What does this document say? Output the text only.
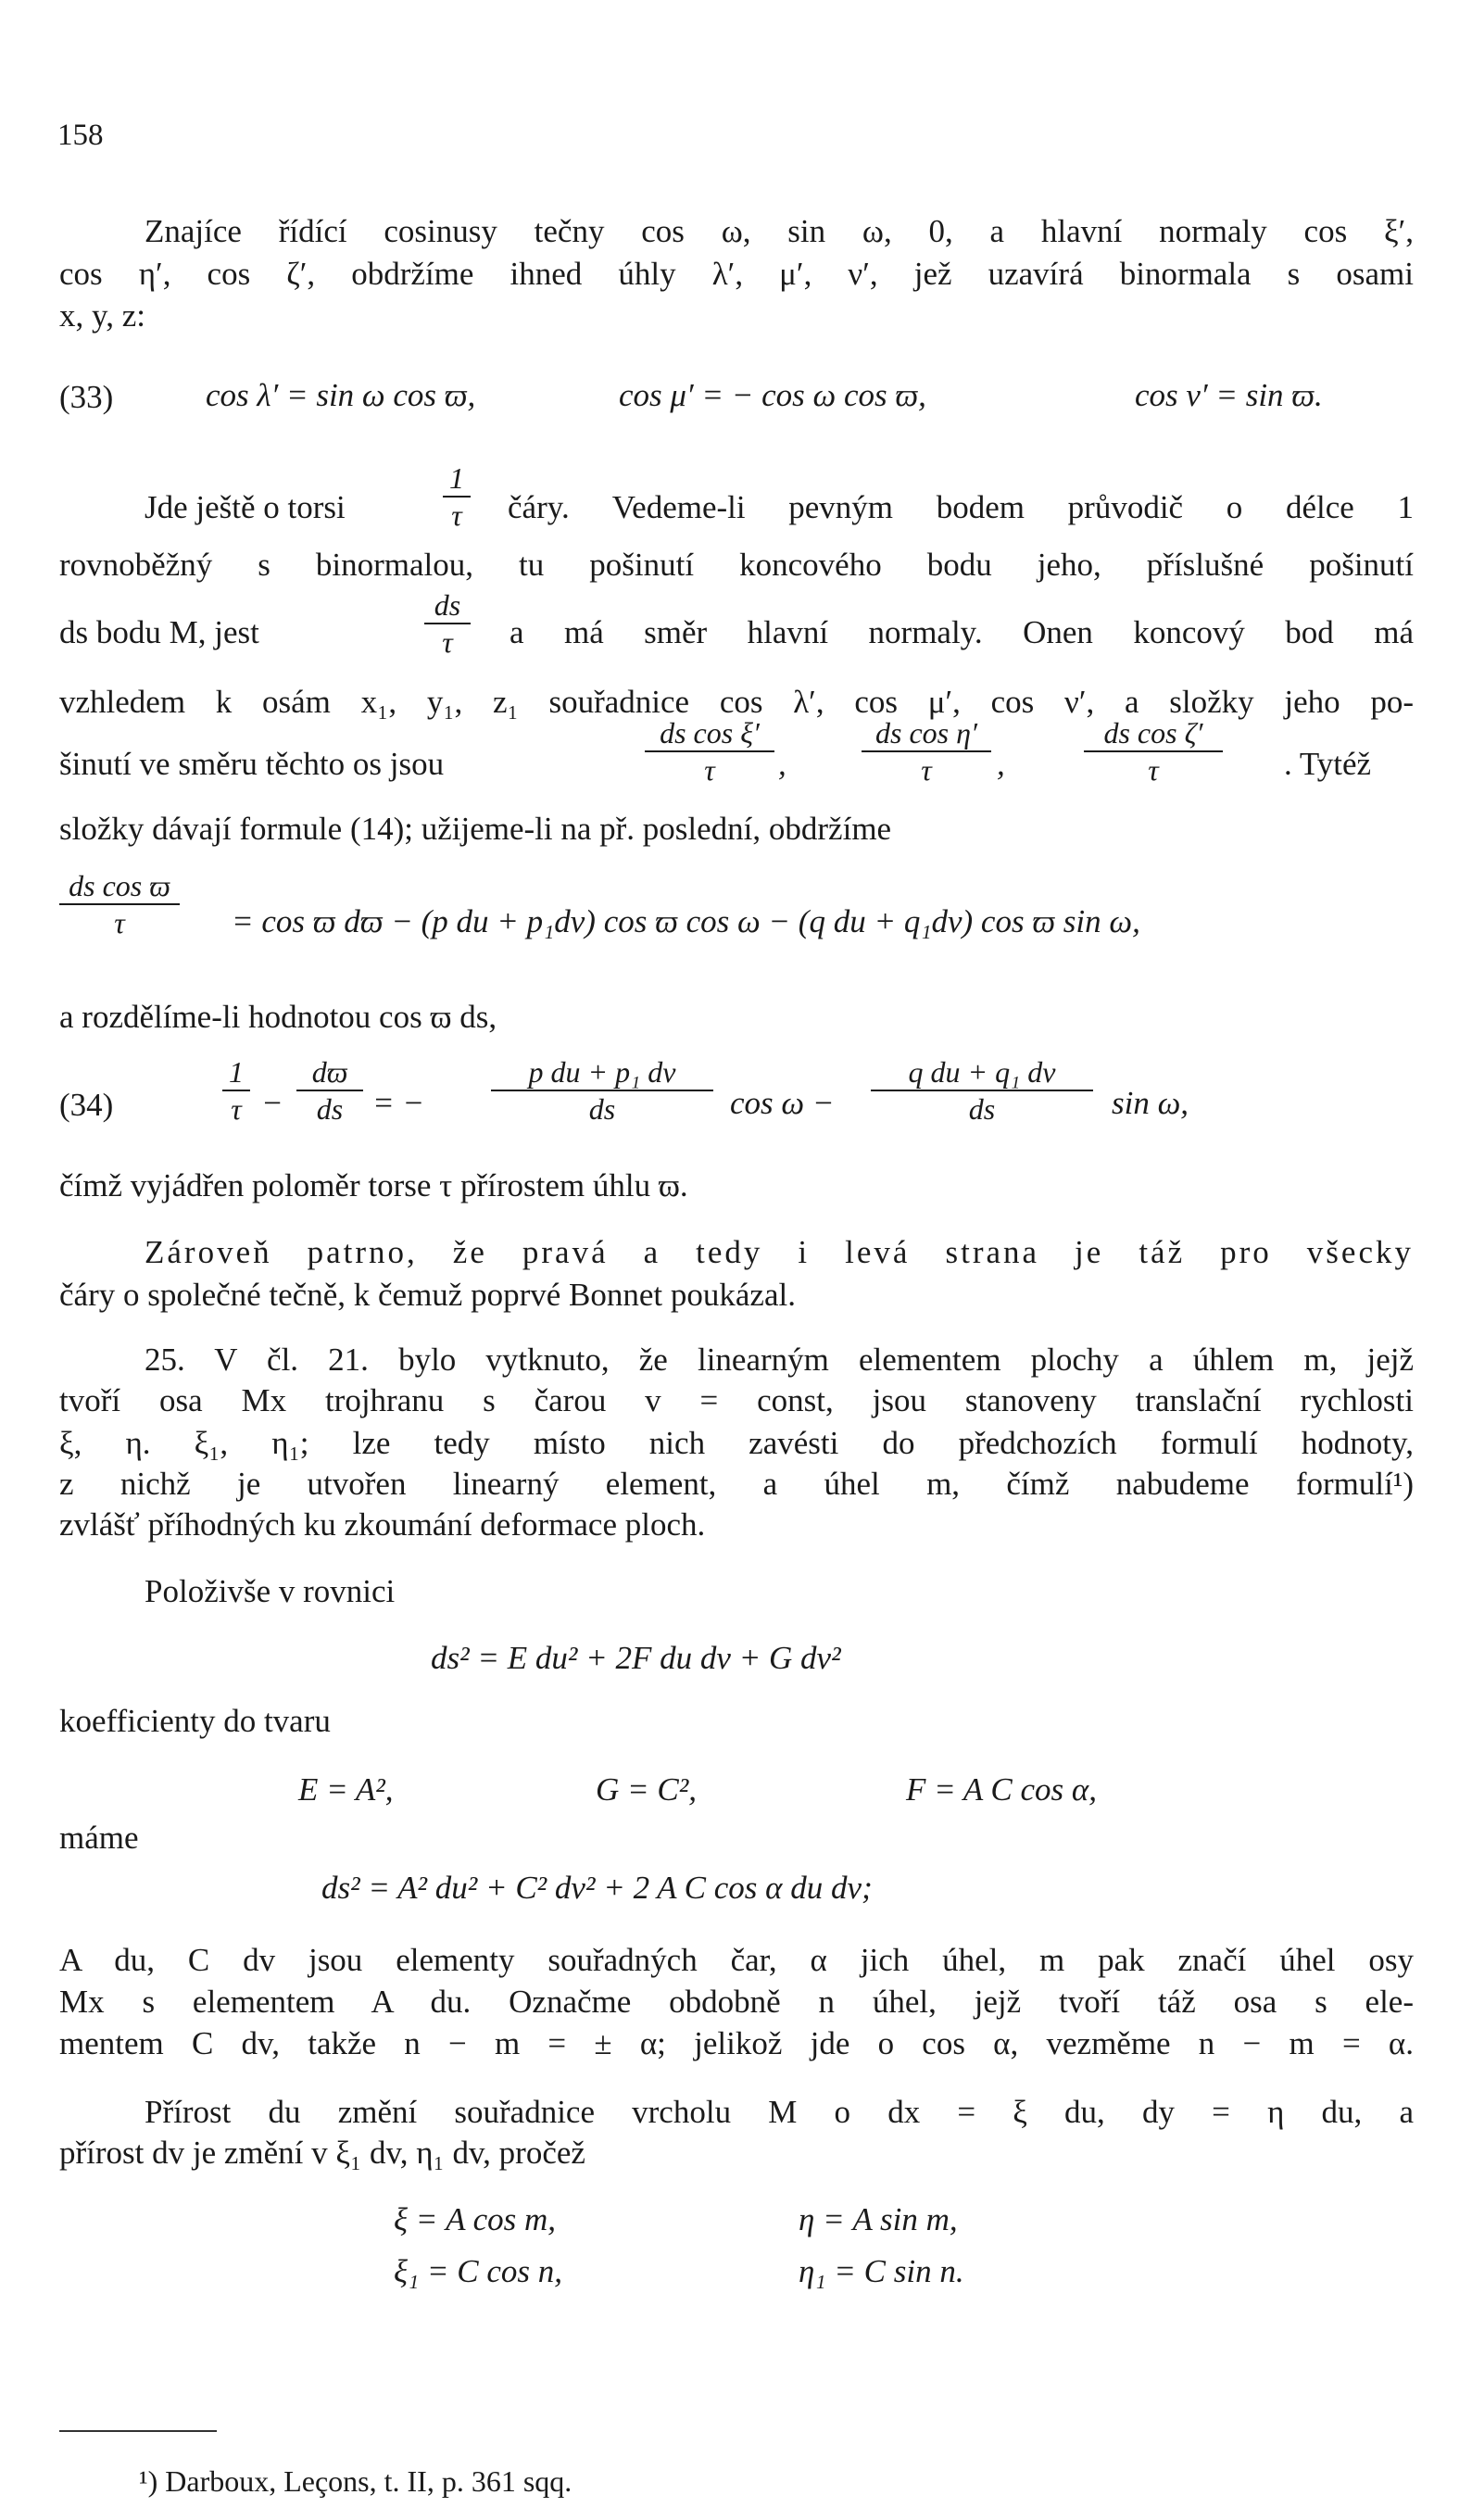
158
Znajíce řídící cosinusy tečny cos ω, sin ω, 0, a hlavní normaly cos ξ′,
cos η′, cos ζ′, obdržíme ihned úhly λ′, μ′, ν′, jež uzavírá binormala s osami
x, y, z:
(33)	cos λ′ = sin ω cos ϖ,	cos μ′ = − cos ω cos ϖ,	cos ν′ = sin ϖ.
Jde ještě o torsi	$\frac{1}{\tau}$ čáry. Vedeme-li pevným bodem průvodič o délce 1
rovnoběžný s binormalou, tu pošinutí koncového bodu jeho, příslušné pošinutí
ds bodu M, jest	$\frac{ds}{\tau}$ a má směr hlavní normaly. Onen koncový bod má
vzhledem k osám x₁, y₁, z₁ souřadnice cos λ′, cos μ′, cos ν′, a složky jeho po-
šinutí ve směru těchto os jsou	$\frac{\text{ds cos ξ′}}{\tau}$ ,	$\frac{\text{ds cos η′}}{\tau}$ ,	$\frac{\text{ds cos ζ′}}{\tau}$ . Tytéž
složky dávají formule (14); užijeme-li na př. poslední, obdržíme
$\frac{\text{ds cos ϖ}}{\tau} = \cos ϖ$ dϖ − (p du + p₁dv) cos ϖ cos ω − (q du + q₁dv) cos ϖ sin ω,
a rozdělíme-li hodnotou cos ϖ ds,
(34)	$\frac{1}{\tau} - \frac{dϖ}{ds}$ = − $\frac{\text{p du + p₁ dv}}{ds}$ $\cos \omega - \frac{\text{q du + q₁ dv}}{ds}$ sin ω,
čímž vyjádřen poloměr torse τ přírostem úhlu ϖ.
Zároveň patrno, že pravá a tedy i levá strana je táž pro všecky
čáry o společné tečně, k čemuž poprvé Bonnet poukázal.
25. V čl. 21. bylo vytknuto, že linearným elementem plochy a úhlem m, jejž
tvoří osa Mx trojhranu s čarou v = const, jsou stanoveny translační rychlosti
ξ, η. ξ₁, η₁; lze tedy místo nich zavésti do předchozích formulí hodnoty,
z nichž je utvořen linearný element, a úhel m, čímž nabudeme formulí¹)
zvlášť příhodných ku zkoumání deformace ploch.
Položivše v rovnici
ds² = E du² + 2F du dv + G dv²
koefficienty do tvaru
E = A²,	G = C²,	F = A C cos α,
máme
ds² = A² du² + C² dv² + 2 A C cos α du dv;
A du, C dv jsou elementy souřadných čar, α jich úhel, m pak značí úhel osy
Mx s elementem A du. Označme obdobně n úhel, jejž tvoří táž osa s ele-
mentem C dv, takže n − m = ± α; jelikož jde o cos α, vezměme n − m = α.
Přírost du změní souřadnice vrcholu M o dx = ξ du, dy = η du, a
přírost dv je změní v ξ₁ dv, η₁ dv, pročež
ξ = A cos m,	η = A sin m,
ξ₁ = C cos n,	η₁ = C sin n.
¹) Darboux, Leçons, t. II, p. 361 sqq.
